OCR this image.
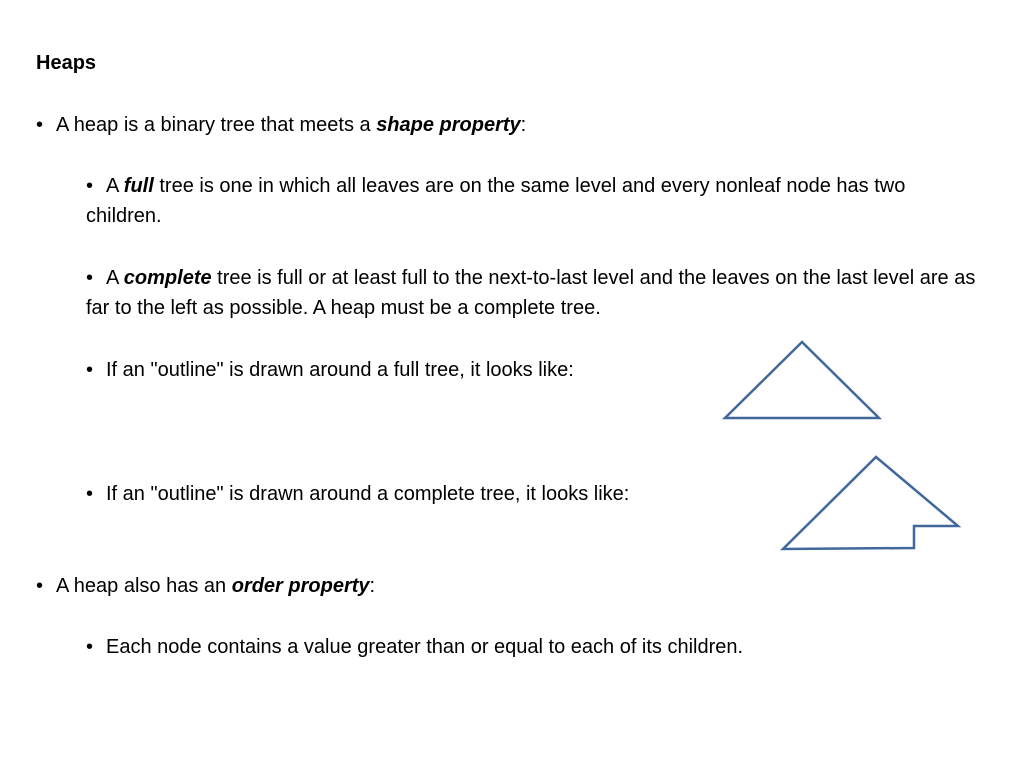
Heaps
• A heap is a binary tree that meets a shape property:
• A full tree is one in which all leaves are on the same level and every nonleaf node has two children.
• A complete tree is full or at least full to the next-to-last level and the leaves on the last level are as far to the left as possible. A heap must be a complete tree.
• If an "outline" is drawn around a full tree, it looks like:
• If an "outline" is drawn around a complete tree, it looks like:
• A heap also has an order property:
• Each node contains a value greater than or equal to each of its children.
